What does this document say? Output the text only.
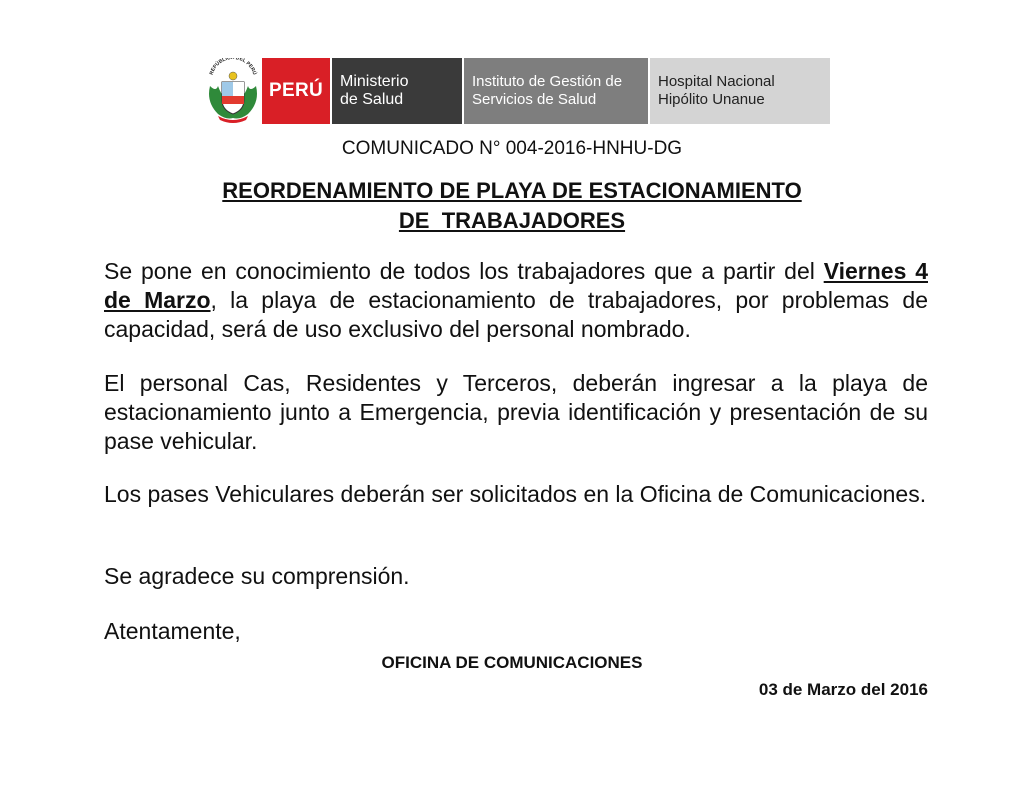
REPÚBLICA DEL PERÚ
PERÚ	Ministerio
de Salud
Instituto de Gestión de
Servicios de Salud
Hospital Nacional
Hipólito Unanue
COMUNICADO N° 004-2016-HNHU-DG
REORDENAMIENTO DE PLAYA DE ESTACIONAMIENTO
DE  TRABAJADORES

Se pone en conocimiento de todos los trabajadores que a partir del Viernes 4 de Marzo, la playa de estacionamiento de trabajadores, por problemas de capacidad, será de uso exclusivo del personal nombrado.

El personal Cas, Residentes y Terceros, deberán ingresar a la playa de estacionamiento junto a Emergencia, previa identificación y presentación de su pase vehicular.

Los pases Vehiculares deberán ser solicitados en la Oficina de Comunicaciones.

Se agradece su comprensión.

Atentamente,

OFICINA DE COMUNICACIONES
03 de Marzo del 2016
